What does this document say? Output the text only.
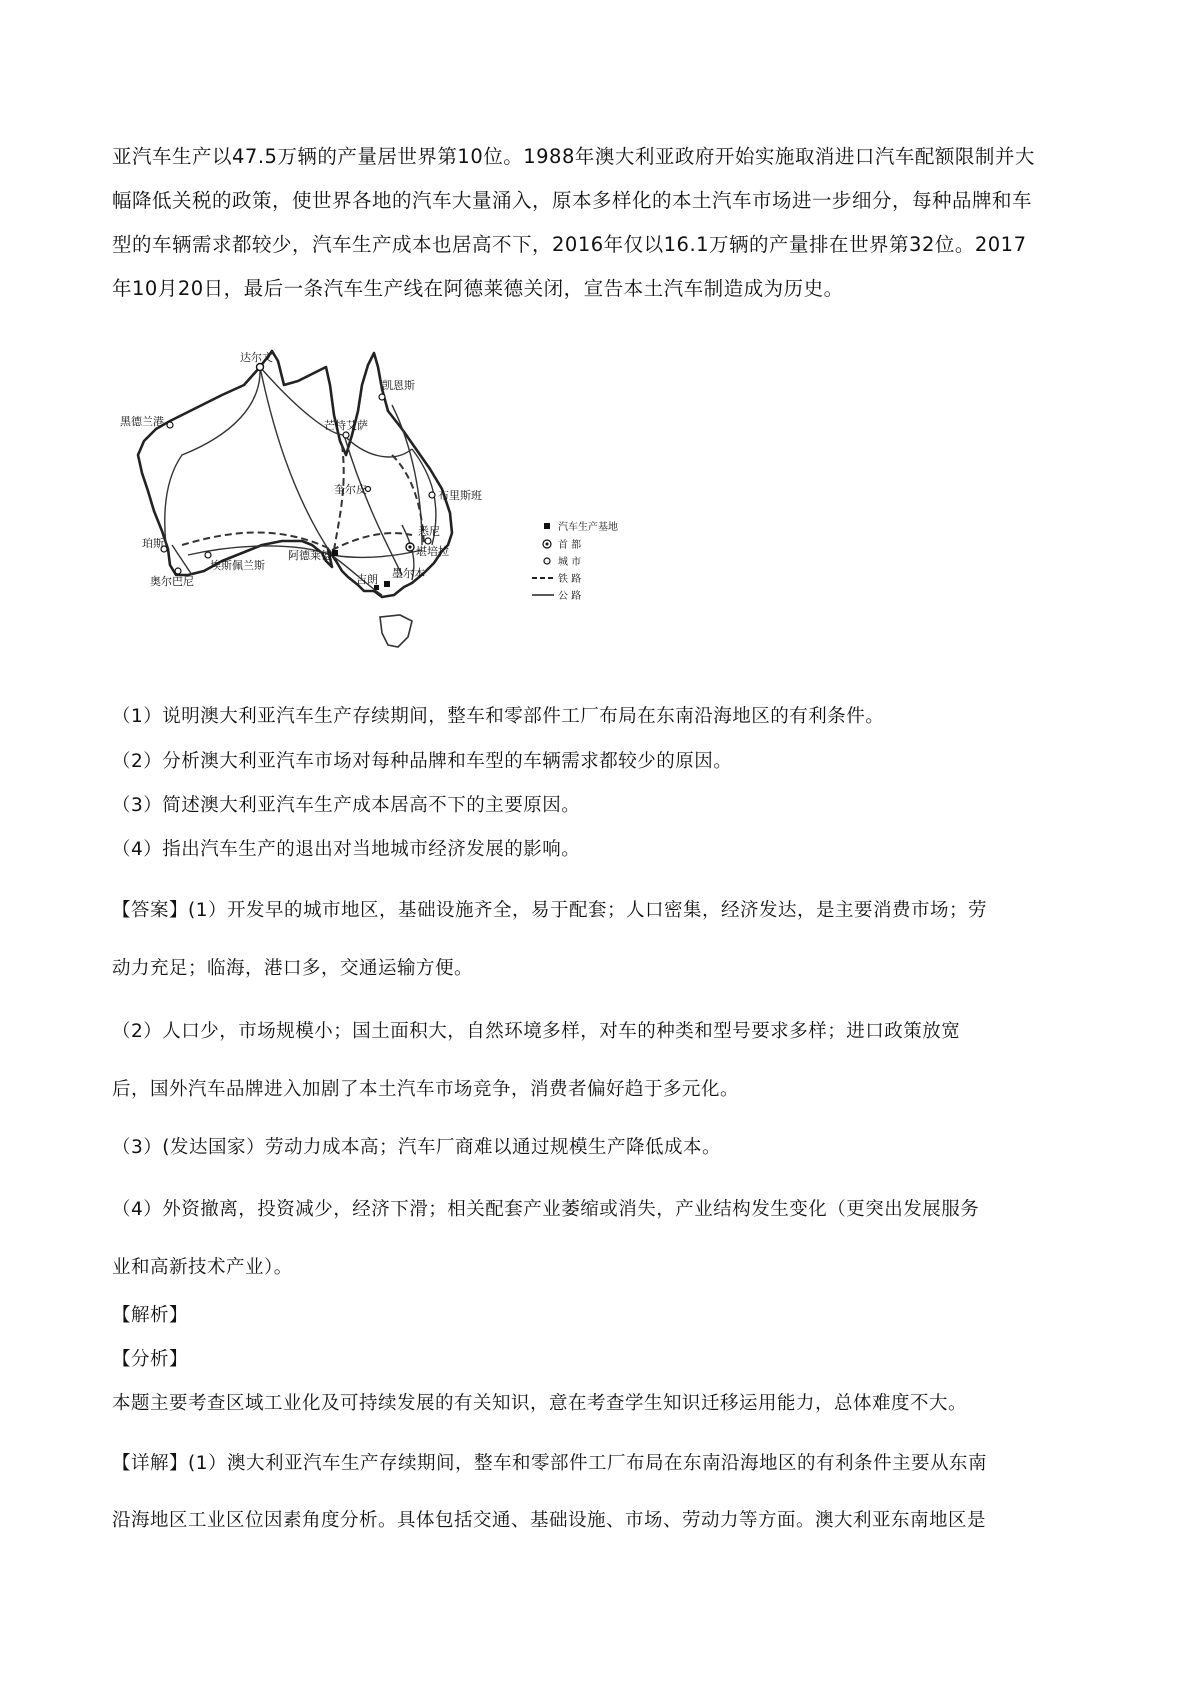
亚汽车生产以47.5万辆的产量居世界第10位。1988年澳大利亚政府开始实施取消进口汽车配额限制并大

幅降低关税的政策，使世界各地的汽车大量涌入，原本多样化的本土汽车市场进一步细分，每种品牌和车

型的车辆需求都较少，汽车生产成本也居高不下，2016年仅以16.1万辆的产量排在世界第32位。2017

年10月20日，最后一条汽车生产线在阿德莱德关闭，宣告本土汽车制造成为历史。

达尔文
凯恩斯
黑德兰港	芒特艾萨
奎尔皮	布里斯班
悉尼
堪培拉
墨尔本
吉朗
阿德莱德
珀斯
埃斯佩兰斯
奥尔巴尼
汽车生产基地
首 都
城 市
铁 路
公 路

（1）说明澳大利亚汽车生产存续期间，整车和零部件工厂布局在东南沿海地区的有利条件。

（2）分析澳大利亚汽车市场对每种品牌和车型的车辆需求都较少的原因。

（3）简述澳大利亚汽车生产成本居高不下的主要原因。

（4）指出汽车生产的退出对当地城市经济发展的影响。

【答案】(1）开发早的城市地区，基础设施齐全，易于配套；人口密集，经济发达，是主要消费市场；劳

动力充足；临海，港口多，交通运输方便。

（2）人口少，市场规模小；国土面积大，自然环境多样，对车的种类和型号要求多样；进口政策放宽

后，国外汽车品牌进入加剧了本土汽车市场竞争，消费者偏好趋于多元化。

（3）(发达国家）劳动力成本高；汽车厂商难以通过规模生产降低成本。

（4）外资撤离，投资减少，经济下滑；相关配套产业萎缩或消失，产业结构发生变化（更突出发展服务

业和高新技术产业）。

【解析】

【分析】

本题主要考查区域工业化及可持续发展的有关知识，意在考查学生知识迁移运用能力，总体难度不大。

【详解】(1）澳大利亚汽车生产存续期间，整车和零部件工厂布局在东南沿海地区的有利条件主要从东南

沿海地区工业区位因素角度分析。具体包括交通、基础设施、市场、劳动力等方面。澳大利亚东南地区是
